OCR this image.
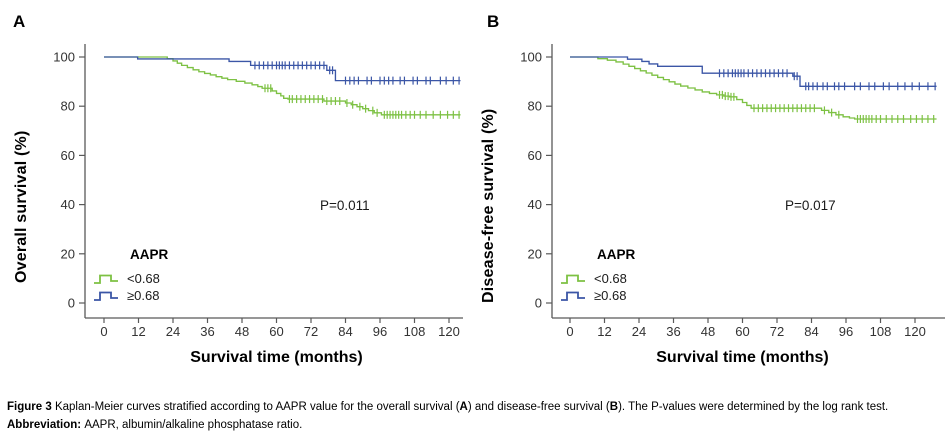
0
20
40
60
80
100
0 12 24 36 48 60 72 84 96 108 120
0
20
40
60
80
100
0 12 24 36 48 60 72 84 96 108 120
A	B
Overall survival (%)	Disease-free survival (%)
Survival time (months)	Survival time (months)
P=0.011	P=0.017
AAPR
<0.68
≥0.68
AAPR
<0.68
≥0.68

Figure 3 Kaplan-Meier curves stratified according to AAPR value for the overall survival (A) and disease-free survival (B). The P-values were determined by the log rank test.

Abbreviation: AAPR, albumin/alkaline phosphatase ratio.
